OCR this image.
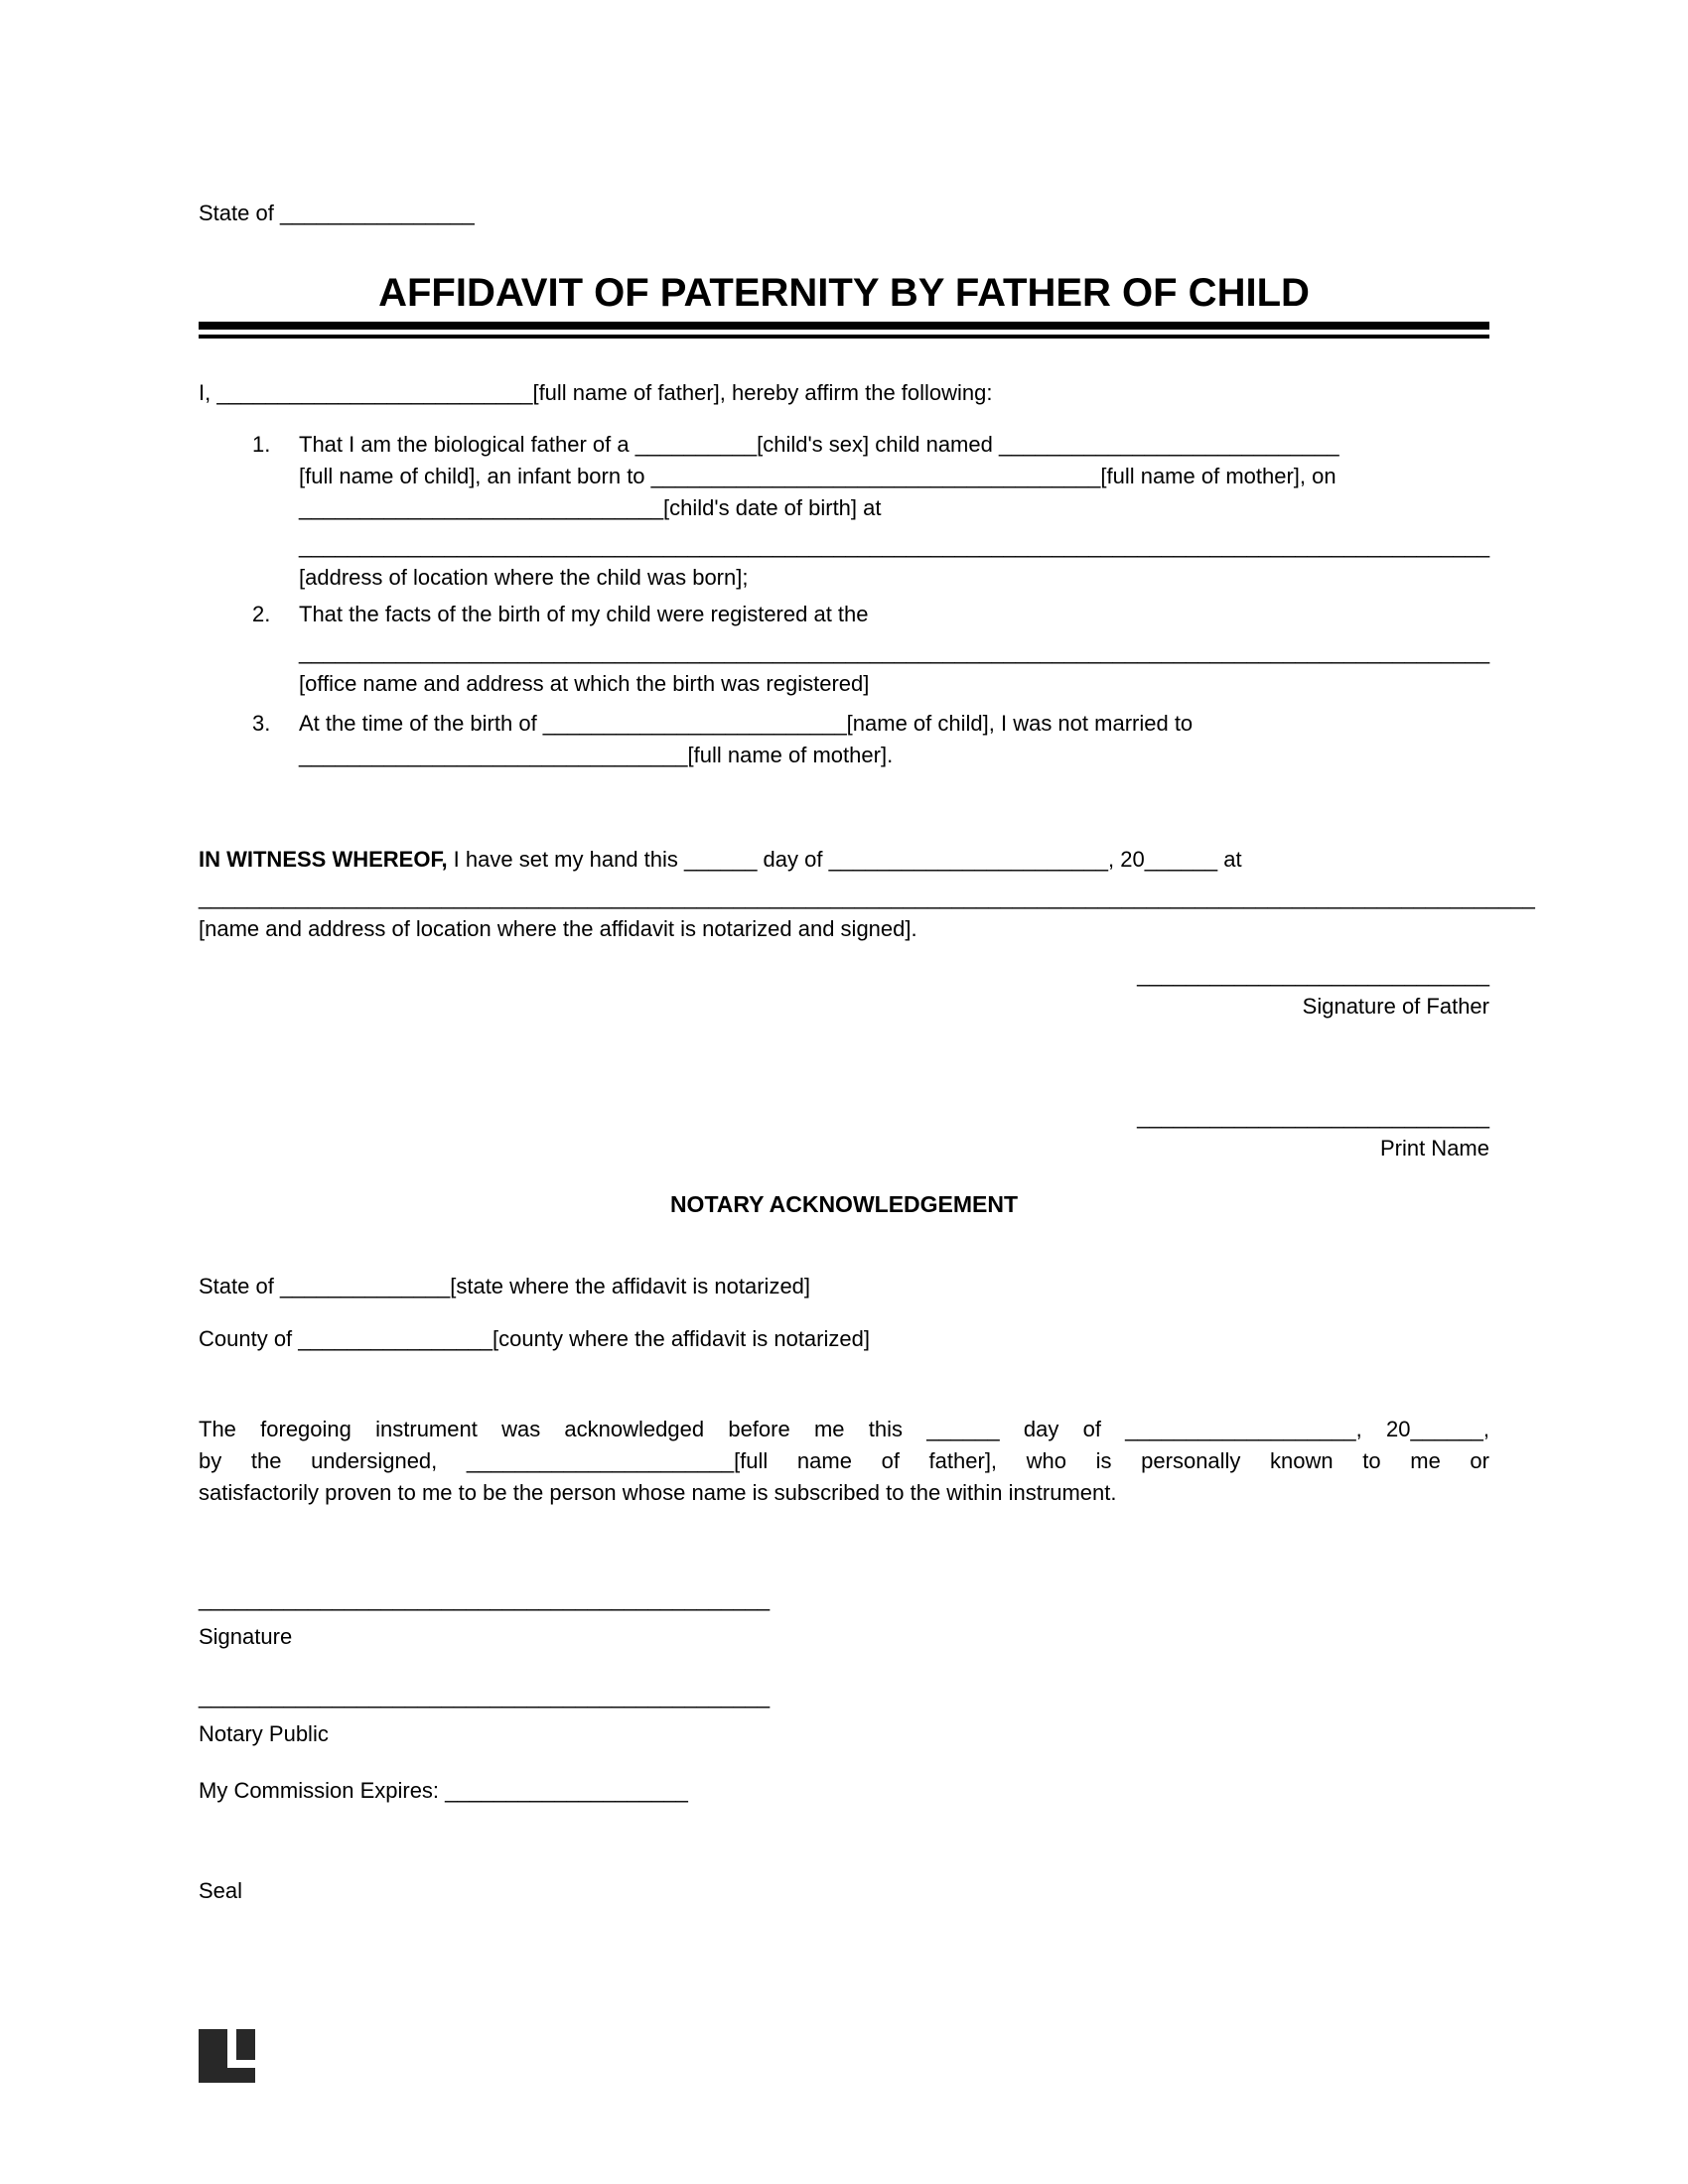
State of ________________
AFFIDAVIT OF PATERNITY BY FATHER OF CHILD
I, __________________________[full name of father], hereby affirm the following:
1.	That I am the biological father of a __________[child's sex] child named ____________________________
[full name of child], an infant born to _____________________________________[full name of mother], on
______________________________[child's date of birth] at
__________________________________________________________________________________________________
[address of location where the child was born];
2.	That the facts of the birth of my child were registered at the
__________________________________________________________________________________________________
[office name and address at which the birth was registered]
3.	At the time of the birth of _________________________[name of child], I was not married to
________________________________[full name of mother].
IN WITNESS WHEREOF, I have set my hand this ______ day of _______________________, 20______ at
______________________________________________________________________________________________________________
[name and address of location where the affidavit is notarized and signed].
_____________________________
Signature of Father
_____________________________
Print Name
NOTARY ACKNOWLEDGEMENT
State of ______________[state where the affidavit is notarized]
County of ________________[county where the affidavit is notarized]
The foregoing instrument was acknowledged before me this ______ day of ___________________, 20______,
by the undersigned, ______________________[full name of father], who is personally known to me or
satisfactorily proven to me to be the person whose name is subscribed to the within instrument.
_______________________________________________
Signature
_______________________________________________
Notary Public
My Commission Expires: ____________________
Seal
